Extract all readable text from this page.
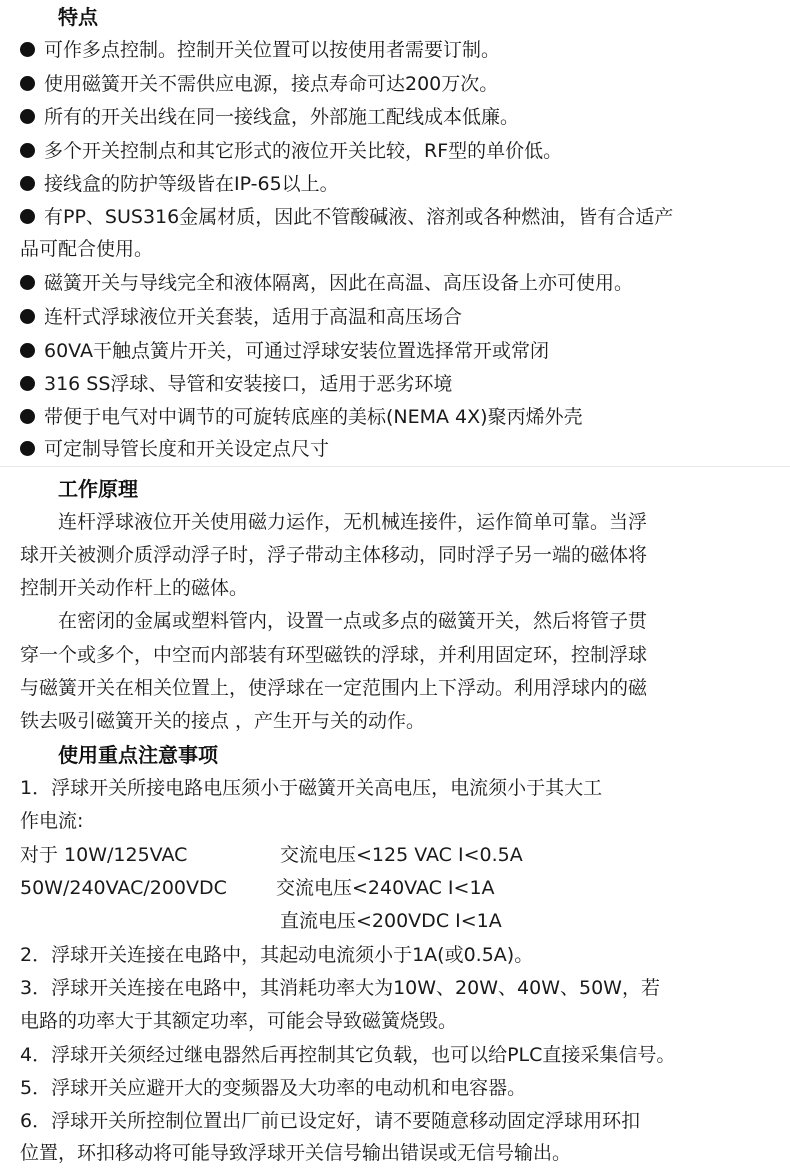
特点
可作多点控制。控制开关位置可以按使用者需要订制。
使用磁簧开关不需供应电源，接点寿命可达200万次。
所有的开关出线在同一接线盒，外部施工配线成本低廉。
多个开关控制点和其它形式的液位开关比较，RF型的单价低。
接线盒的防护等级皆在IP-65以上。
有PP、SUS316金属材质，因此不管酸碱液、溶剂或各种燃油，皆有合适产
品可配合使用。
磁簧开关与导线完全和液体隔离，因此在高温、高压设备上亦可使用。
连杆式浮球液位开关套装，适用于高温和高压场合
60VA干触点簧片开关，可通过浮球安装位置选择常开或常闭
316 SS浮球、导管和安装接口，适用于恶劣环境
带便于电气对中调节的可旋转底座的美标(NEMA 4X)聚丙烯外壳
可定制导管长度和开关设定点尺寸
工作原理
连杆浮球液位开关使用磁力运作，无机械连接件，运作简单可靠。当浮
球开关被测介质浮动浮子时，浮子带动主体移动，同时浮子另一端的磁体将
控制开关动作杆上的磁体。
在密闭的金属或塑料管内，设置一点或多点的磁簧开关，然后将管子贯
穿一个或多个，中空而内部装有环型磁铁的浮球，并利用固定环，控制浮球
与磁簧开关在相关位置上，使浮球在一定范围内上下浮动。利用浮球内的磁
铁去吸引磁簧开关的接点 ，产生开与关的动作。
使用重点注意事项
1．浮球开关所接电路电压须小于磁簧开关高电压，电流须小于其大工
作电流:
对于 10W/125VAC	交流电压<125 VAC I<0.5A
50W/240VAC/200VDC	交流电压<240VAC I<1A
直流电压<200VDC I<1A
2．浮球开关连接在电路中，其起动电流须小于1A(或0.5A)。
3．浮球开关连接在电路中，其消耗功率大为10W、20W、40W、50W，若
电路的功率大于其额定功率，可能会导致磁簧烧毁。
4．浮球开关须经过继电器然后再控制其它负载，也可以给PLC直接采集信号。
5．浮球开关应避开大的变频器及大功率的电动机和电容器。
6．浮球开关所控制位置出厂前已设定好，请不要随意移动固定浮球用环扣
位置，环扣移动将可能导致浮球开关信号输出错误或无信号输出。
